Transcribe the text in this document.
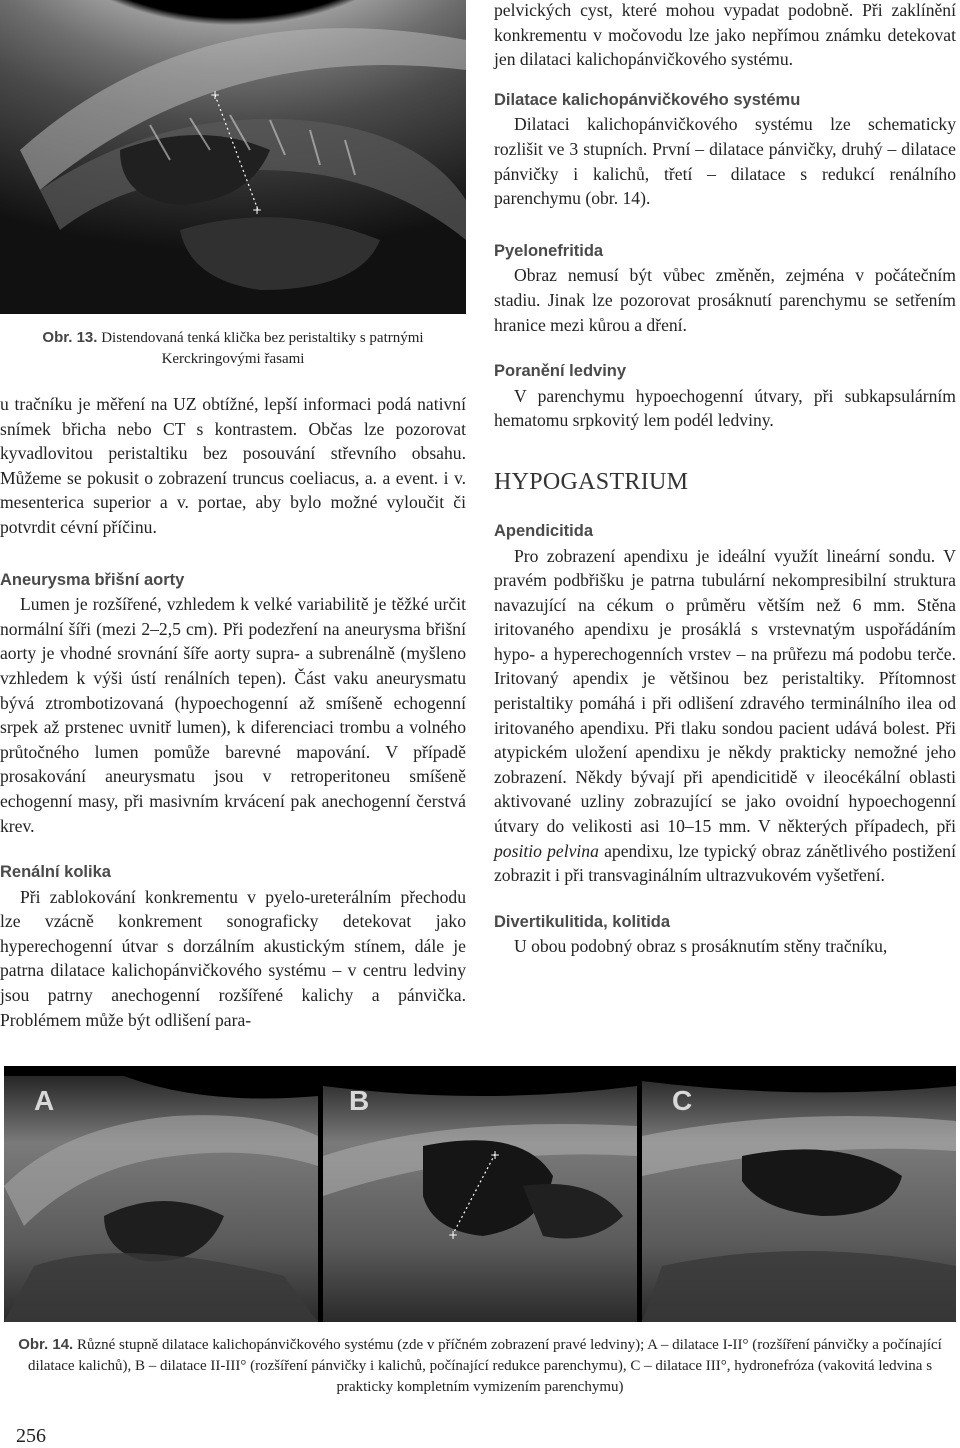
+
+
Obr. 13. Distendovaná tenká klička bez peristaltiky s patrnými Kerckringovými řasami

u tračníku je měření na UZ obtížné, lepší informaci podá nativní snímek břicha nebo CT s kontrastem. Občas lze pozorovat kyvadlovitou peristaltiku bez posouvání střevního obsahu. Můžeme se pokusit o zobrazení truncus coeliacus, a. a event. i v. mesenterica superior a v. portae, aby bylo možné vyloučit či potvrdit cévní příčinu.

Aneurysma břišní aorty

Lumen je rozšířené, vzhledem k velké variabilitě je těžké určit normální šíři (mezi 2–2,5 cm). Při podezření na aneurysma břišní aorty je vhodné srovnání šíře aorty supra- a subrenálně (myšleno vzhledem k výši ústí renálních tepen). Část vaku aneurysmatu bývá ztrombotizovaná (hypoechogenní až smíšeně echogenní srpek až prstenec uvnitř lumen), k diferenciaci trombu a volného průtočného lumen pomůže barevné mapování. V případě prosakování aneurysmatu jsou v retroperitoneu smíšeně echogenní masy, při masivním krvácení pak anechogenní čerstvá krev.

Renální kolika

Při zablokování konkrementu v pyelo-ureterálním přechodu lze vzácně konkrement sonograficky detekovat jako hyperechogenní útvar s dorzálním akustickým stínem, dále je patrna dilatace kalichopánvičkového systému – v centru ledviny jsou patrny anechogenní rozšířené kalichy a pánvička. Problémem může být odlišení para-

pelvických cyst, které mohou vypadat podobně. Při zaklínění konkrementu v močovodu lze jako nepřímou známku detekovat jen dilataci kalichopánvičkového systému.

Dilatace kalichopánvičkového systému

Dilataci kalichopánvičkového systému lze schematicky rozlišit ve 3 stupních. První – dilatace pánvičky, druhý – dilatace pánvičky i kalichů, třetí – dilatace s redukcí renálního parenchymu (obr. 14).

Pyelonefritida

Obraz nemusí být vůbec změněn, zejména v počátečním stadiu. Jinak lze pozorovat prosáknutí parenchymu se setřením hranice mezi kůrou a dření.

Poranění ledviny

V parenchymu hypoechogenní útvary, při subkapsulárním hematomu srpkovitý lem podél ledviny.

HYPOGASTRIUM

Apendicitida

Pro zobrazení apendixu je ideální využít lineární sondu. V pravém podbřišku je patrna tubulární nekompresibilní struktura navazující na cékum o průměru větším než 6 mm. Stěna iritovaného apendixu je prosáklá s vrstevnatým uspořádáním hypo- a hyperechogenních vrstev – na průřezu má podobu terče. Iritovaný apendix je většinou bez peristaltiky. Přítomnost peristaltiky pomáhá i při odlišení zdravého terminálního ilea od iritovaného apendixu. Při tlaku sondou pacient udává bolest. Při atypickém uložení apendixu je někdy prakticky nemožné jeho zobrazení. Někdy bývají při apendicitidě v ileocékální oblasti aktivované uzliny zobrazující se jako ovoidní hypoechogenní útvary do velikosti asi 10–15 mm. V některých případech, při positio pelvina apendixu, lze typický obraz zánětlivého postižení zobrazit i při transvaginálním ultrazvukovém vyšetření.

Divertikulitida, kolitida

U obou podobný obraz s prosáknutím stěny tračníku,

A
+
+
B	C
Obr. 14. Různé stupně dilatace kalichopánvičkového systému (zde v příčném zobrazení pravé ledviny); A – dilatace I-II° (rozšíření pánvičky a počínající dilatace kalichů), B – dilatace II-III° (rozšíření pánvičky i kalichů, počínající redukce parenchymu), C – dilatace III°, hydronefróza (vakovitá ledvina s prakticky kompletním vymizením parenchymu)
256
